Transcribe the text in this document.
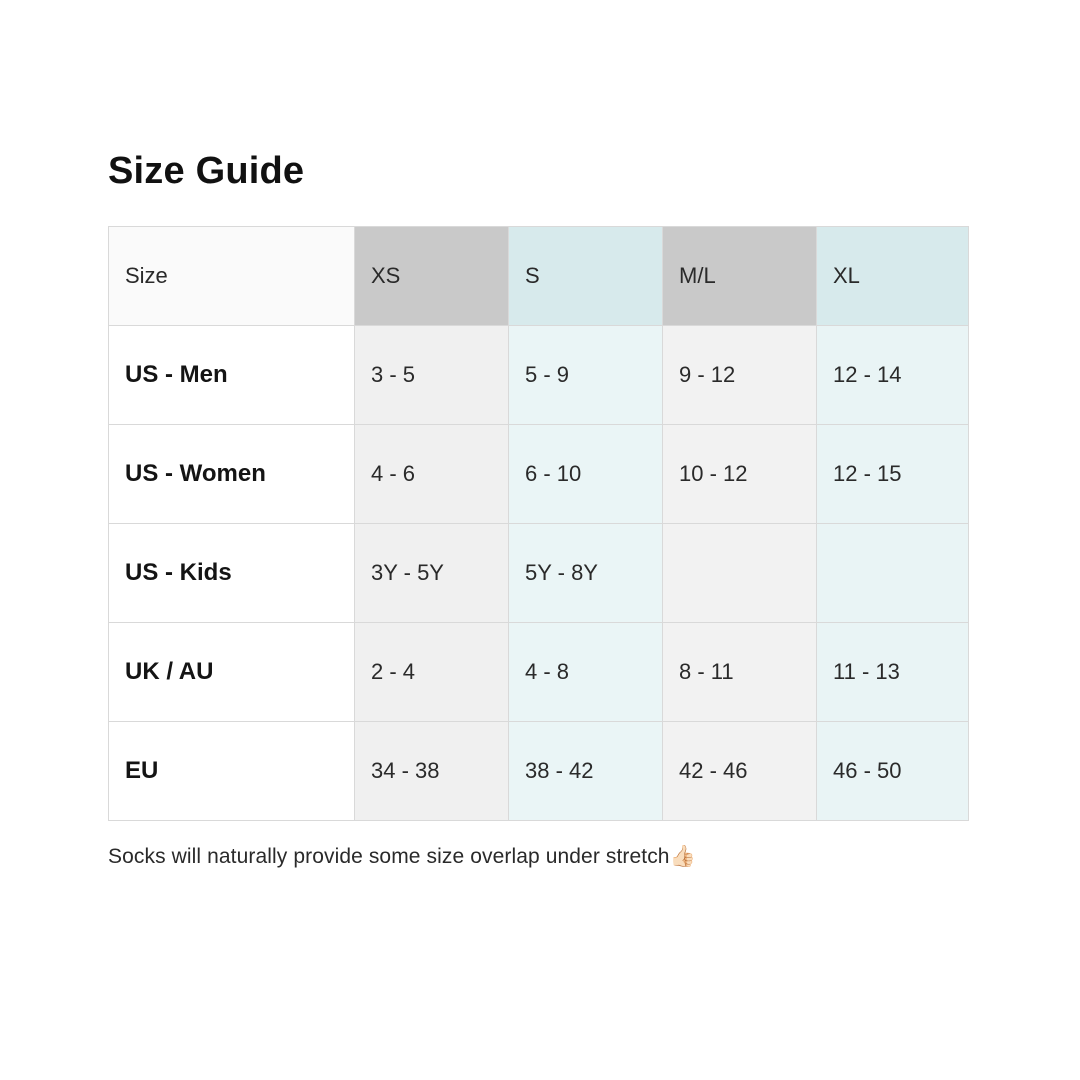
Size Guide
Size	XS	S	M/L	XL
US - Men	3 - 5	5 - 9	9 - 12	12 - 14
US - Women	4 - 6	6 - 10	10 - 12	12 - 15
US - Kids	3Y - 5Y	5Y - 8Y		
UK / AU	2 - 4	4 - 8	8 - 11	11 - 13
EU	34 - 38	38 - 42	42 - 46	46 - 50
Socks will naturally provide some size overlap under stretch👍🏻
